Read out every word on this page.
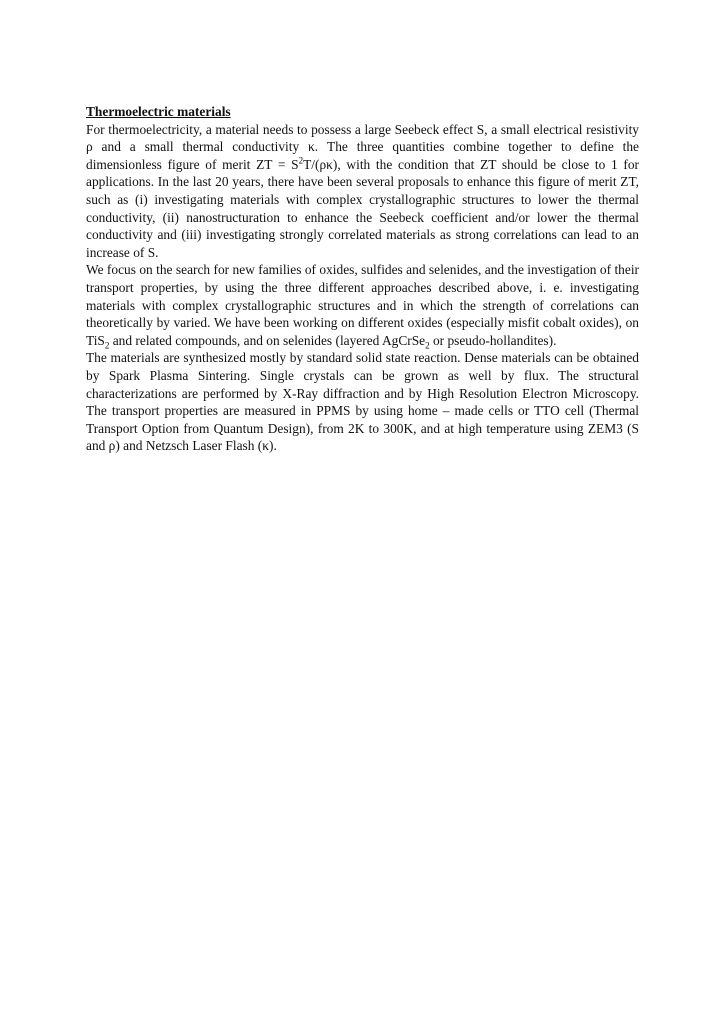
Thermoelectric materials

For thermoelectricity, a material needs to possess a large Seebeck effect S, a small electrical resistivity ρ and a small thermal conductivity κ. The three quantities combine together to define the dimensionless figure of merit ZT = $S^2T/(\rho\kappa)$, with the condition that ZT should be close to 1 for applications. In the last 20 years, there have been several proposals to enhance this figure of merit ZT, such as (i) investigating materials with complex crystallographic structures to lower the thermal conductivity, (ii) nanostructuration to enhance the Seebeck coefficient and/or lower the thermal conductivity and (iii) investigating strongly correlated materials as strong correlations can lead to an increase of S.

We focus on the search for new families of oxides, sulfides and selenides, and the investigation of their transport properties, by using the three different approaches described above, i. e. investigating materials with complex crystallographic structures and in which the strength of correlations can theoretically by varied. We have been working on different oxides (especially misfit cobalt oxides), on TiS$_2$ and related compounds, and on selenides (layered AgCrSe$_2$ or pseudo-hollandites).

The materials are synthesized mostly by standard solid state reaction. Dense materials can be obtained by Spark Plasma Sintering. Single crystals can be grown as well by flux. The structural characterizations are performed by X-Ray diffraction and by High Resolution Electron Microscopy. The transport properties are measured in PPMS by using home – made cells or TTO cell (Thermal Transport Option from Quantum Design), from 2K to 300K, and at high temperature using ZEM3 (S and ρ) and Netzsch Laser Flash (κ).
